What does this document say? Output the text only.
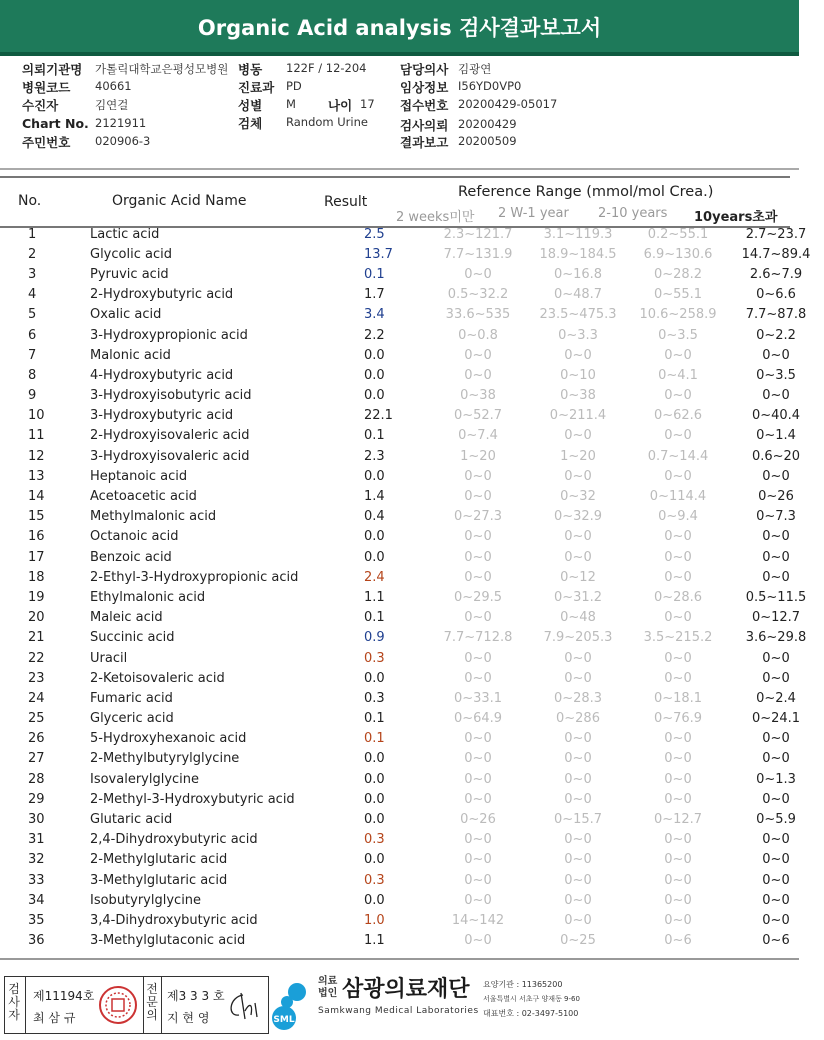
Organic Acid analysis 검사결과보고서
의뢰기관명 가톨릭대학교은평성모병원 병동 122F / 12-204	담당의사 김광연
병원코드 40661	진료과 PD	임상정보 I56YD0VP0
수진자	김연걸	성별 M	나이 17 접수번호 20200429-05017
Chart No. 2121911	검체 Random Urine	검사의뢰 20200429
주민번호 020906-3	결과보고 20200509
No.	Organic Acid Name	Result
Reference Range (mmol/mol Crea.)
2 weeks미만 2 W-1 year 2-10 years 10years초과
1	Lactic acid	2.5	2.3~121.7	3.1~119.3	0.2~55.1	2.7~23.7
2	Glycolic acid	13.7	7.7~131.9	18.9~184.5	6.9~130.6	14.7~89.4
3	Pyruvic acid	0.1	0~0	0~16.8	0~28.2	2.6~7.9
4	2-Hydroxybutyric acid	1.7	0.5~32.2	0~48.7	0~55.1	0~6.6
5	Oxalic acid	3.4	33.6~535	23.5~475.3	10.6~258.9	7.7~87.8
6	3-Hydroxypropionic acid	2.2	0~0.8	0~3.3	0~3.5	0~2.2
7	Malonic acid	0.0	0~0	0~0	0~0	0~0
8	4-Hydroxybutyric acid	0.0	0~0	0~10	0~4.1	0~3.5
9	3-Hydroxyisobutyric acid	0.0	0~38	0~38	0~0	0~0
10	3-Hydroxybutyric acid	22.1	0~52.7	0~211.4	0~62.6	0~40.4
11	2-Hydroxyisovaleric acid	0.1	0~7.4	0~0	0~0	0~1.4
12	3-Hydroxyisovaleric acid	2.3	1~20	1~20	0.7~14.4	0.6~20
13	Heptanoic acid	0.0	0~0	0~0	0~0	0~0
14	Acetoacetic acid	1.4	0~0	0~32	0~114.4	0~26
15	Methylmalonic acid	0.4	0~27.3	0~32.9	0~9.4	0~7.3
16	Octanoic acid	0.0	0~0	0~0	0~0	0~0
17	Benzoic acid	0.0	0~0	0~0	0~0	0~0
18	2-Ethyl-3-Hydroxypropionic acid	2.4	0~0	0~12	0~0	0~0
19	Ethylmalonic acid	1.1	0~29.5	0~31.2	0~28.6	0.5~11.5
20	Maleic acid	0.1	0~0	0~48	0~0	0~12.7
21	Succinic acid	0.9	7.7~712.8	7.9~205.3	3.5~215.2	3.6~29.8
22	Uracil	0.3	0~0	0~0	0~0	0~0
23	2-Ketoisovaleric acid	0.0	0~0	0~0	0~0	0~0
24	Fumaric acid	0.3	0~33.1	0~28.3	0~18.1	0~2.4
25	Glyceric acid	0.1	0~64.9	0~286	0~76.9	0~24.1
26	5-Hydroxyhexanoic acid	0.1	0~0	0~0	0~0	0~0
27	2-Methylbutyrylglycine	0.0	0~0	0~0	0~0	0~0
28	Isovalerylglycine	0.0	0~0	0~0	0~0	0~1.3
29	2-Methyl-3-Hydroxybutyric acid	0.0	0~0	0~0	0~0	0~0
30	Glutaric acid	0.0	0~26	0~15.7	0~12.7	0~5.9
31	2,4-Dihydroxybutyric acid	0.3	0~0	0~0	0~0	0~0
32	2-Methylglutaric acid	0.0	0~0	0~0	0~0	0~0
33	3-Methylglutaric acid	0.3	0~0	0~0	0~0	0~0
34	Isobutyrylglycine	0.0	0~0	0~0	0~0	0~0
35	3,4-Dihydroxybutyric acid	1.0	14~142	0~0	0~0	0~0
36	3-Methylglutaconic acid	1.1	0~0	0~25	0~6	0~6
검사자
제11194호
최 삼 규
전문의
제3 3 3 호
지 현 영	SML
의료법인 삼광의료재단
Samkwang Medical Laboratories
요양기관 : 11365200
서울특별시 서초구 양재동 9-60
대표번호 : 02-3497-5100
